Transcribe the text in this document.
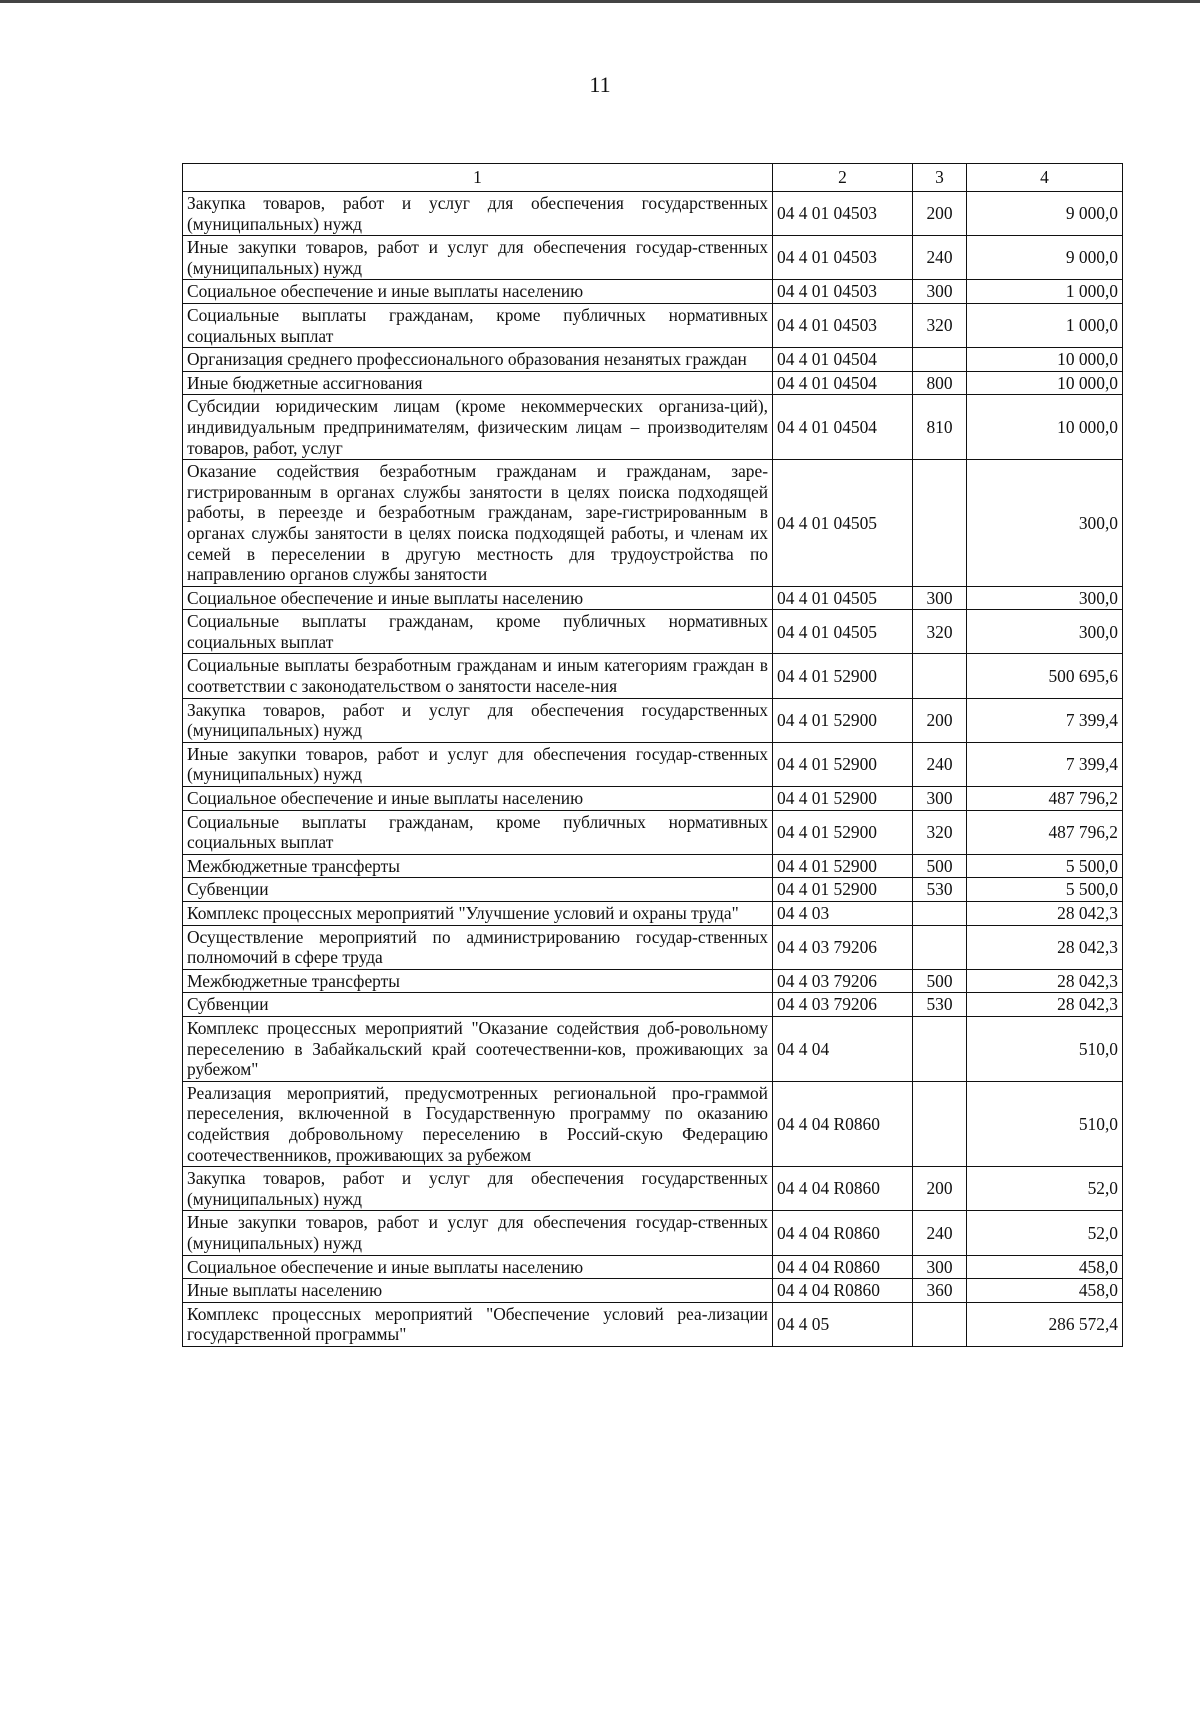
11
1	2	3	4
Закупка товаров, работ и услуг для обеспечения государственных (муниципальных) нужд	04 4 01 04503	200	9 000,0
Иные закупки товаров, работ и услуг для обеспечения государ-ственных (муниципальных) нужд	04 4 01 04503	240	9 000,0
Социальное обеспечение и иные выплаты населению	04 4 01 04503	300	1 000,0
Социальные выплаты гражданам, кроме публичных нормативных социальных выплат	04 4 01 04503	320	1 000,0
Организация среднего профессионального образования незанятых граждан	04 4 01 04504		10 000,0
Иные бюджетные ассигнования	04 4 01 04504	800	10 000,0
Субсидии юридическим лицам (кроме некоммерческих организа-ций), индивидуальным предпринимателям, физическим лицам – производителям товаров, работ, услуг	04 4 01 04504	810	10 000,0
Оказание содействия безработным гражданам и гражданам, заре-гистрированным в органах службы занятости в целях поиска подходящей работы, в переезде и безработным гражданам, заре-гистрированным в органах службы занятости в целях поиска подходящей работы, и членам их семей в переселении в другую местность для трудоустройства по направлению органов службы занятости	04 4 01 04505		300,0
Социальное обеспечение и иные выплаты населению	04 4 01 04505	300	300,0
Социальные выплаты гражданам, кроме публичных нормативных социальных выплат	04 4 01 04505	320	300,0
Социальные выплаты безработным гражданам и иным категориям граждан в соответствии с законодательством о занятости населе-ния	04 4 01 52900		500 695,6
Закупка товаров, работ и услуг для обеспечения государственных (муниципальных) нужд	04 4 01 52900	200	7 399,4
Иные закупки товаров, работ и услуг для обеспечения государ-ственных (муниципальных) нужд	04 4 01 52900	240	7 399,4
Социальное обеспечение и иные выплаты населению	04 4 01 52900	300	487 796,2
Социальные выплаты гражданам, кроме публичных нормативных социальных выплат	04 4 01 52900	320	487 796,2
Межбюджетные трансферты	04 4 01 52900	500	5 500,0
Субвенции	04 4 01 52900	530	5 500,0
Комплекс процессных мероприятий "Улучшение условий и охраны труда"	04 4 03		28 042,3
Осуществление мероприятий по администрированию государ-ственных полномочий в сфере труда	04 4 03 79206		28 042,3
Межбюджетные трансферты	04 4 03 79206	500	28 042,3
Субвенции	04 4 03 79206	530	28 042,3
Комплекс процессных мероприятий "Оказание содействия доб-ровольному переселению в Забайкальский край соотечественни-ков, проживающих за рубежом"	04 4 04		510,0
Реализация мероприятий, предусмотренных региональной про-граммой переселения, включенной в Государственную программу по оказанию содействия добровольному переселению в Россий-скую Федерацию соотечественников, проживающих за рубежом	04 4 04 R0860		510,0
Закупка товаров, работ и услуг для обеспечения государственных (муниципальных) нужд	04 4 04 R0860	200	52,0
Иные закупки товаров, работ и услуг для обеспечения государ-ственных (муниципальных) нужд	04 4 04 R0860	240	52,0
Социальное обеспечение и иные выплаты населению	04 4 04 R0860	300	458,0
Иные выплаты населению	04 4 04 R0860	360	458,0
Комплекс процессных мероприятий "Обеспечение условий реа-лизации государственной программы"	04 4 05		286 572,4
